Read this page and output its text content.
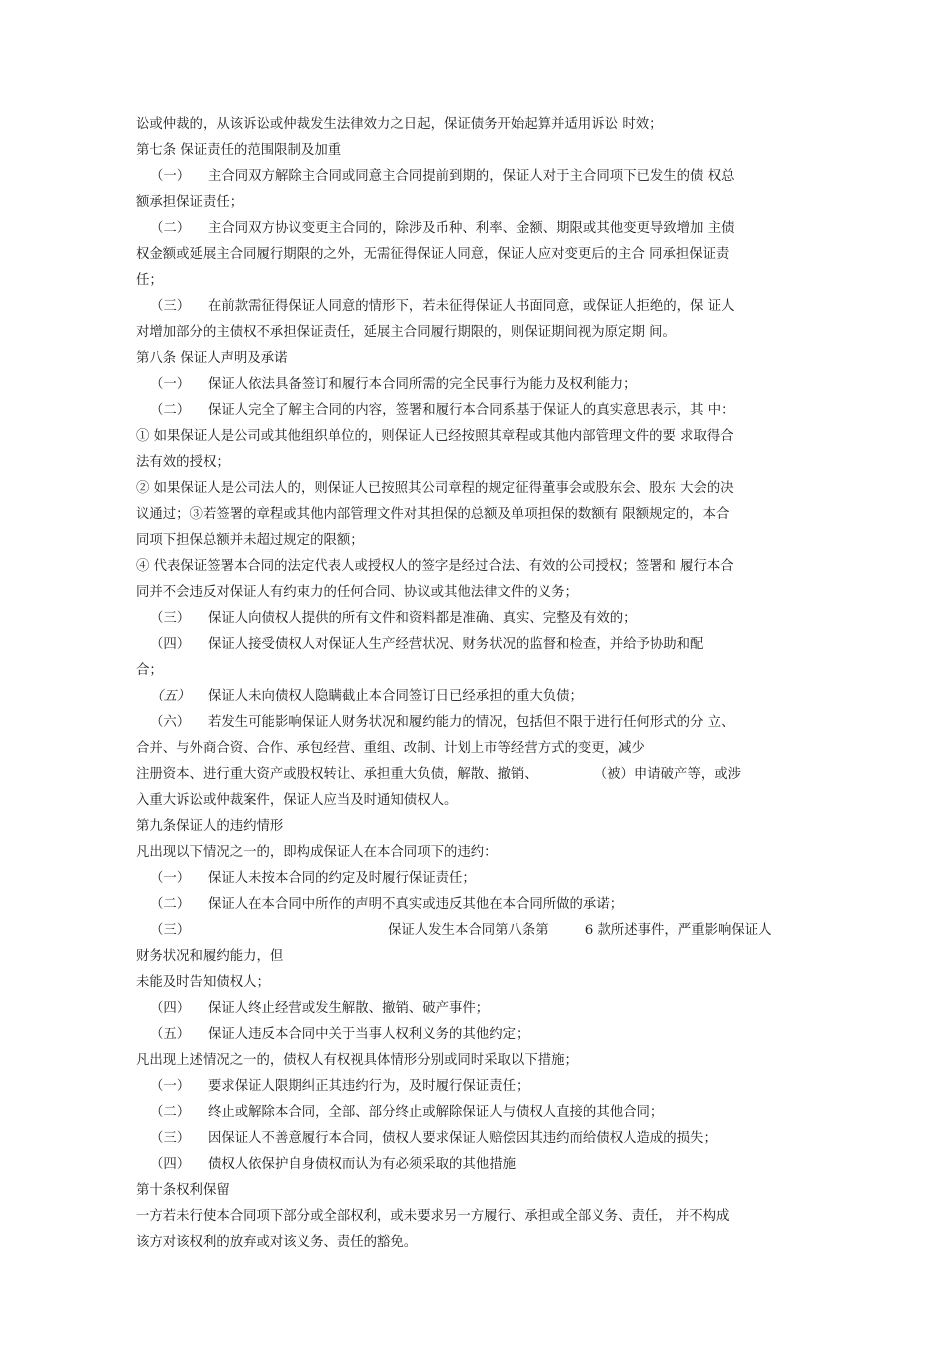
讼或仲裁的，从该诉讼或仲裁发生法律效力之日起，保证债务开始起算并适用诉讼 时效；
第七条 保证责任的范围限制及加重
（一） 主合同双方解除主合同或同意主合同提前到期的，保证人对于主合同项下已发生的债 权总
额承担保证责任；
（二） 主合同双方协议变更主合同的，除涉及币种、利率、金额、期限或其他变更导致增加 主债
权金额或延展主合同履行期限的之外，无需征得保证人同意，保证人应对变更后的主合 同承担保证责
任；
（三） 在前款需征得保证人同意的情形下，若未征得保证人书面同意，或保证人拒绝的，保 证人
对增加部分的主债权不承担保证责任，延展主合同履行期限的，则保证期间视为原定期 间。
第八条 保证人声明及承诺
（一） 保证人依法具备签订和履行本合同所需的完全民事行为能力及权利能力；
（二） 保证人完全了解主合同的内容，签署和履行本合同系基于保证人的真实意思表示，其 中：
① 如果保证人是公司或其他组织单位的，则保证人已经按照其章程或其他内部管理文件的要 求取得合
法有效的授权；
② 如果保证人是公司法人的，则保证人已按照其公司章程的规定征得董事会或股东会、股东 大会的决
议通过；③若签署的章程或其他内部管理文件对其担保的总额及单项担保的数额有 限额规定的，本合
同项下担保总额并未超过规定的限额；
④ 代表保证签署本合同的法定代表人或授权人的签字是经过合法、有效的公司授权；签署和 履行本合
同并不会违反对保证人有约束力的任何合同、协议或其他法律文件的义务；
（三） 保证人向债权人提供的所有文件和资料都是准确、真实、完整及有效的；
（四） 保证人接受债权人对保证人生产经营状况、财务状况的监督和检查，并给予协助和配
合；
（五） 保证人未向债权人隐瞒截止本合同签订日已经承担的重大负债；
（六） 若发生可能影响保证人财务状况和履约能力的情况，包括但不限于进行任何形式的分 立、
合并、与外商合资、合作、承包经营、重组、改制、计划上市等经营方式的变更，减少
注册资本、进行重大资产或股权转让、承担重大负债，解散、撤销、	（被）申请破产等，或涉
入重大诉讼或仲裁案件，保证人应当及时通知债权人。
第九条保证人的违约情形
凡出现以下情况之一的，即构成保证人在本合同项下的违约：
（一） 保证人未按本合同的约定及时履行保证责任；
（二） 保证人在本合同中所作的声明不真实或违反其他在本合同所做的承诺；
（三）	保证人发生本合同第八条第	6 款所述事件，严重影响保证人
财务状况和履约能力，但
未能及时告知债权人；
（四） 保证人终止经营或发生解散、撤销、破产事件；
（五） 保证人违反本合同中关于当事人权利义务的其他约定；
凡出现上述情况之一的，债权人有权视具体情形分别或同时采取以下措施；
（一） 要求保证人限期纠正其违约行为，及时履行保证责任；
（二） 终止或解除本合同，全部、部分终止或解除保证人与债权人直接的其他合同；
（三） 因保证人不善意履行本合同，债权人要求保证人赔偿因其违约而给债权人造成的损失；
（四） 债权人依保护自身债权而认为有必须采取的其他措施
第十条权利保留
一方若未行使本合同项下部分或全部权利，或未要求另一方履行、承担或全部义务、责任， 并不构成
该方对该权利的放弃或对该义务、责任的豁免。
